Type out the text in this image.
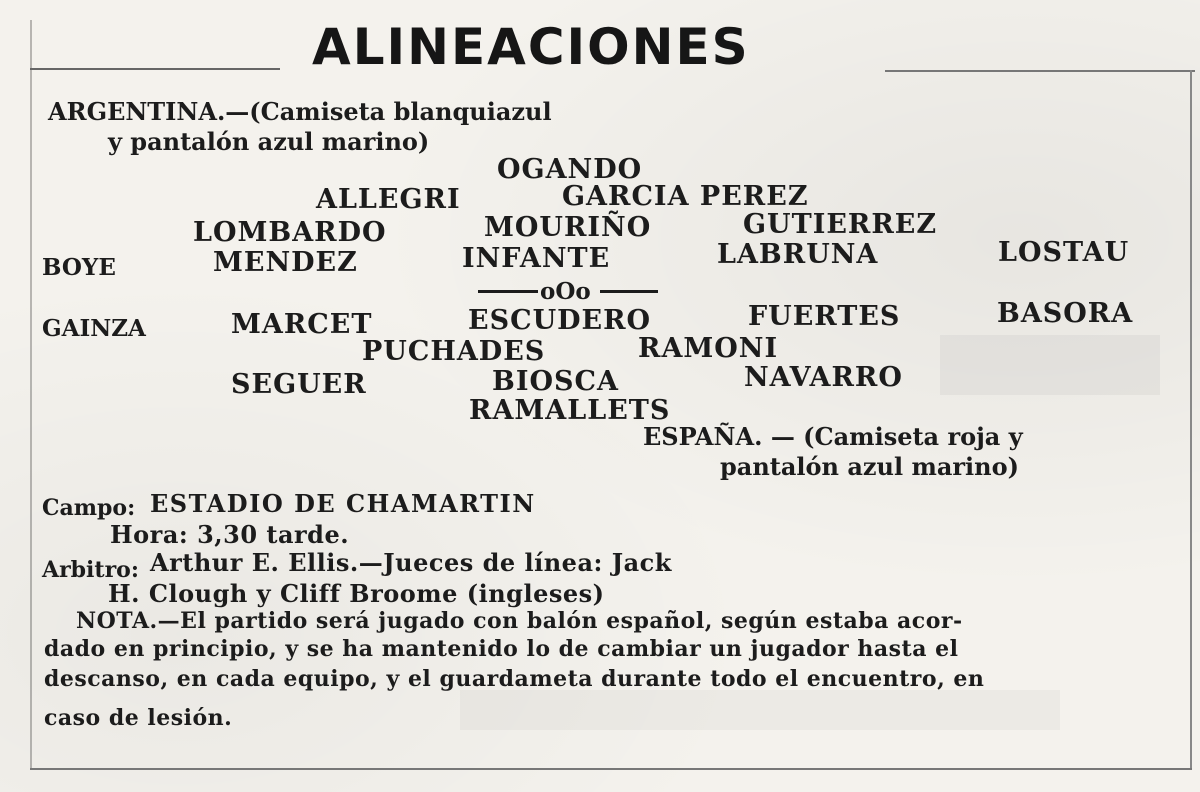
ALINEACIONES
ARGENTINA.—(Camiseta blanquiazul
y pantalón azul marino)
OGANDO
ALLEGRI	GARCIA PEREZ
LOMBARDO	MOURIÑO	GUTIERREZ
BOYE	MENDEZ	INFANTE	LABRUNA	LOSTAU
oOo
GAINZA	MARCET	ESCUDERO	FUERTES	BASORA
PUCHADES	RAMONI
SEGUER	BIOSCA	NAVARRO
RAMALLETS
ESPAÑA. — (Camiseta roja y
pantalón azul marino)
Campo: ESTADIO DE CHAMARTIN
Hora: 3,30 tarde.
Arbitro: Arthur E. Ellis.—Jueces de línea: Jack
H. Clough y Cliff Broome (ingleses)
NOTA.—El partido será jugado con balón español, según estaba acor-
dado en principio, y se ha mantenido lo de cambiar un jugador hasta el
descanso, en cada equipo, y el guardameta durante todo el encuentro, en
caso de lesión.
